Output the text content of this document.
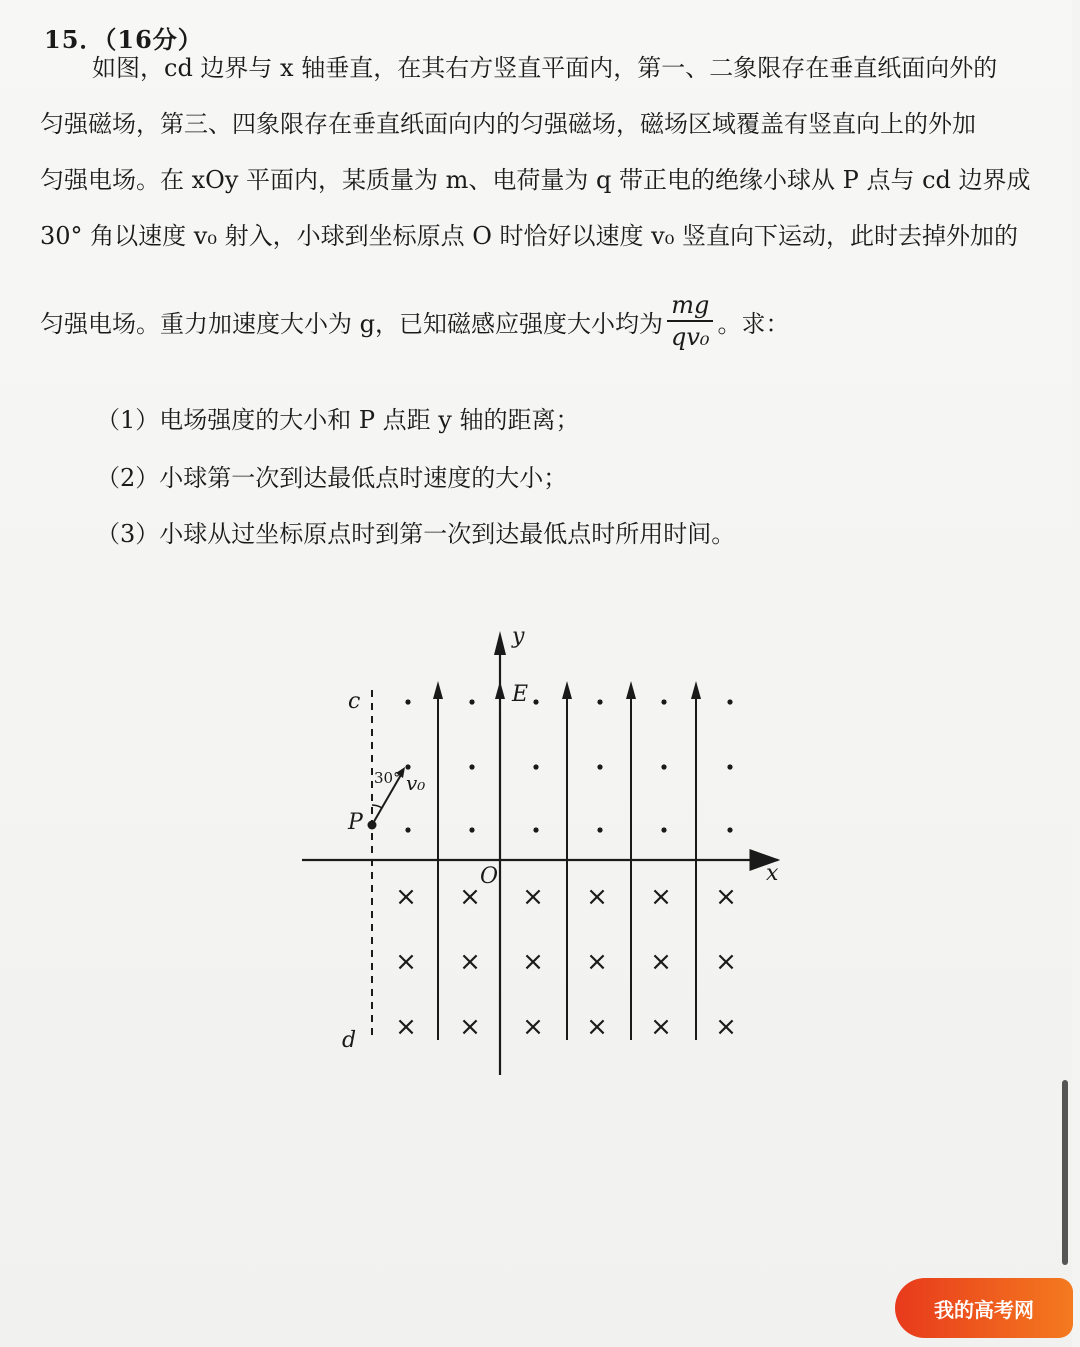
15．（16分）
如图，cd 边界与 x 轴垂直，在其右方竖直平面内，第一、二象限存在垂直纸面向外的
匀强磁场，第三、四象限存在垂直纸面向内的匀强磁场，磁场区域覆盖有竖直向上的外加
匀强电场。在 xOy 平面内，某质量为 m、电荷量为 q 带正电的绝缘小球从 P 点与 cd 边界成
30° 角以速度 v₀ 射入，小球到坐标原点 O 时恰好以速度 v₀ 竖直向下运动，此时去掉外加的
匀强电场。重力加速度大小为 g，已知磁感应强度大小均为 $\frac{mg}{\text{qv₀}}$ 。求：
（1）电场强度的大小和 P 点距 y 轴的距离；
（2）小球第一次到达最低点时速度的大小；
（3）小球从过坐标原点时到第一次到达最低点时所用时间。
× × × × × ×
× × × × × ×
× × × × × ×
c
d
y
x
O
E
P
30° v₀
我的高考网
